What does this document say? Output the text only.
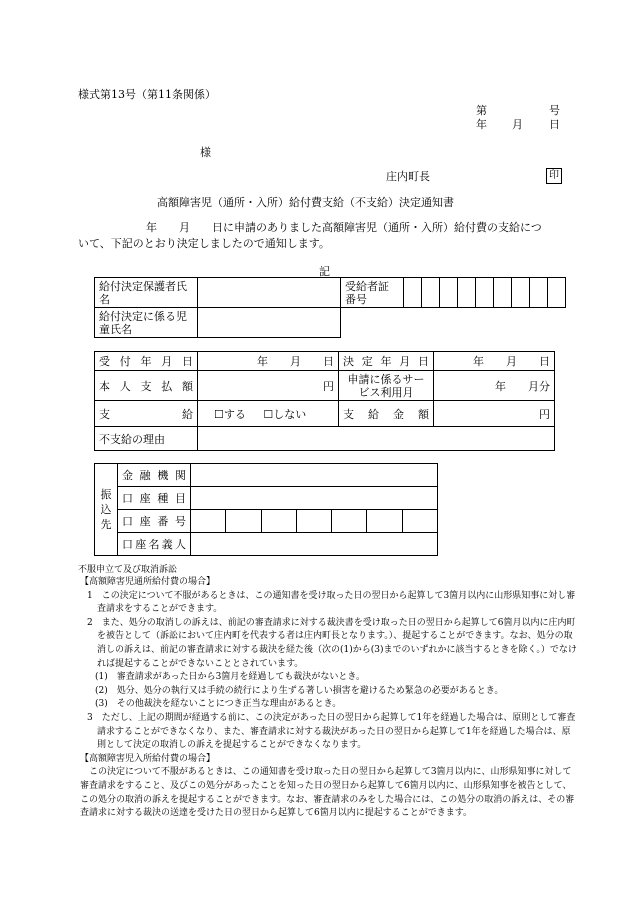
様式第13号（第11条関係）
第	号
年 月 日
様
庄内町長	印
高額障害児（通所・入所）給付費支給（不支給）決定通知書
年　　月　　日に申請のありました高額障害児（通所・入所）給付費の支給につ
いて、下記のとおり決定しましたので通知します。
記
給付決定保護者氏名		受給者証番号									
給付決定に係る児童氏名											
受付年月日	年　　月　　日	決定年月日	年　　月　　日
本人支払額	円	申請に係るサービス利用月	年　　月分
支給	☐する ☐しない	支給金額	円
不支給の理由			
振込先	金融機関							
	口座種目							
	口座番号							
	口座名義人							
不服申立て及び取消訴訟

【高額障害児通所給付費の場合】

1　この決定について不服があるときは、この通知書を受け取った日の翌日から起算して3箇月以内に山形県知事に対し審査請求をすることができます。

2　また、処分の取消しの訴えは、前記の審査請求に対する裁決書を受け取った日の翌日から起算して6箇月以内に庄内町を被告として（訴訟において庄内町を代表する者は庄内町長となります。）、提起することができます。なお、処分の取消しの訴えは、前記の審査請求に対する裁決を経た後（次の(1)から(3)までのいずれかに該当するときを除く。）でなければ提起することができないこととされています。

(1)　審査請求があった日から3箇月を経過しても裁決がないとき。

(2)　処分、処分の執行又は手続の続行により生ずる著しい損害を避けるため緊急の必要があるとき。

(3)　その他裁決を経ないことにつき正当な理由があるとき。

3　ただし、上記の期間が経過する前に、この決定があった日の翌日から起算して1年を経過した場合は、原則として審査請求することができなくなり、また、審査請求に対する裁決があった日の翌日から起算して1年を経過した場合は、原則として決定の取消しの訴えを提起することができなくなります。

【高額障害児入所給付費の場合】

この決定について不服があるときは、この通知書を受け取った日の翌日から起算して3箇月以内に、山形県知事に対して審査請求をすること、及びこの処分があったことを知った日の翌日から起算して6箇月以内に、山形県知事を被告として、この処分の取消の訴えを提起することができます。なお、審査請求のみをした場合には、この処分の取消の訴えは、その審査請求に対する裁決の送達を受けた日の翌日から起算して6箇月以内に提起することができます。
